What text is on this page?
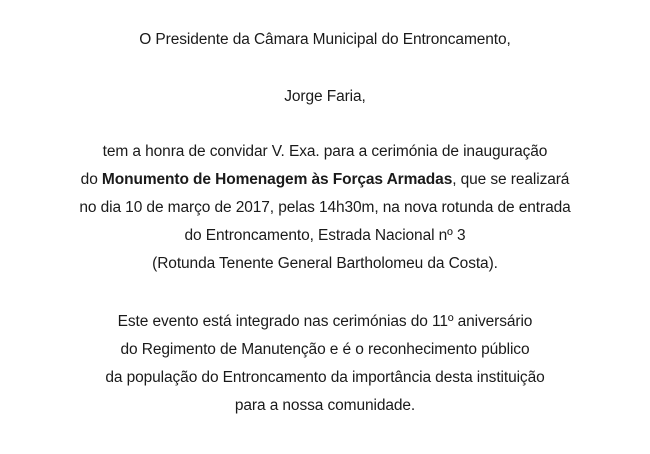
O Presidente da Câmara Municipal do Entroncamento,
Jorge Faria,
tem a honra de convidar V. Exa. para a cerimónia de inauguração
do Monumento de Homenagem às Forças Armadas, que se realizará
no dia 10 de março de 2017, pelas 14h30m, na nova rotunda de entrada
do Entroncamento, Estrada Nacional nº 3
(Rotunda Tenente General Bartholomeu da Costa).
Este evento está integrado nas cerimónias do 11º aniversário
do Regimento de Manutenção e é o reconhecimento público
da população do Entroncamento da importância desta instituição
para a nossa comunidade.
